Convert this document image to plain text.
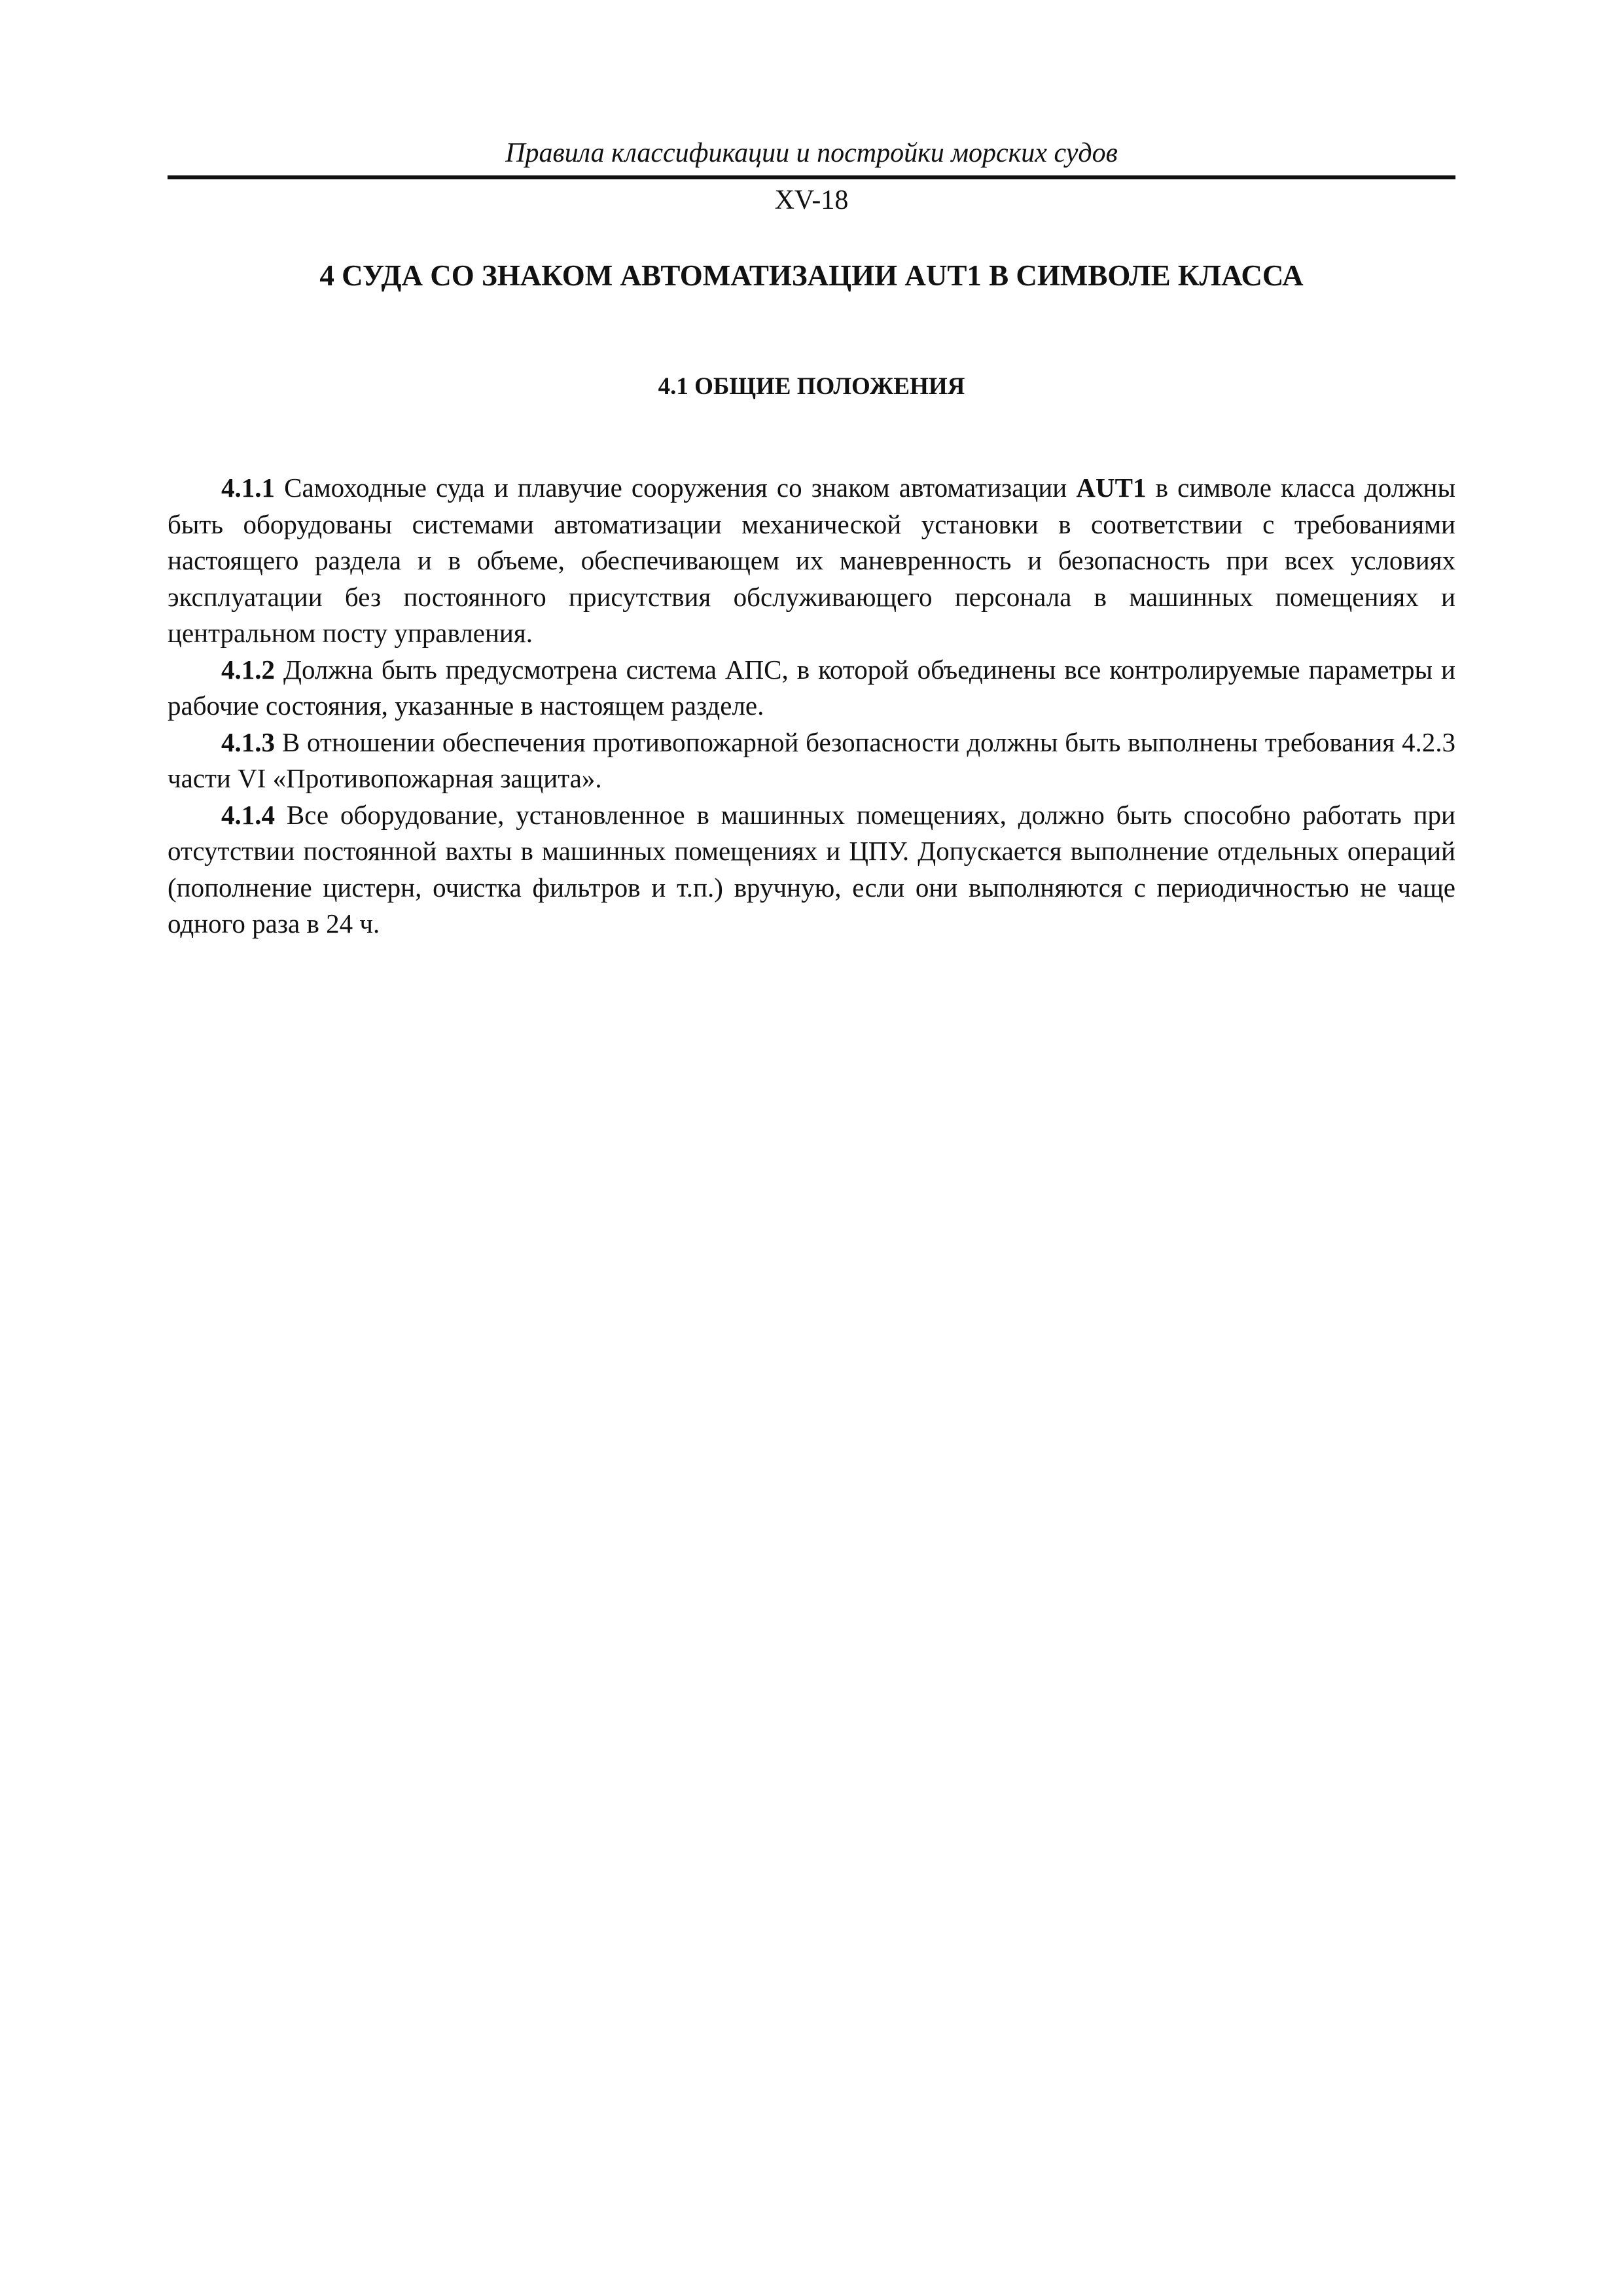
Правила классификации и постройки морских судов
XV-18
4 СУДА СО ЗНАКОМ АВТОМАТИЗАЦИИ AUT1 В СИМВОЛЕ КЛАССА
4.1 ОБЩИЕ ПОЛОЖЕНИЯ

4.1.1 Самоходные суда и плавучие сооружения со знаком автоматизации AUT1 в символе класса должны быть оборудованы системами автоматизации механической установки в соответствии с требованиями настоящего раздела и в объеме, обеспечивающем их маневренность и безопасность при всех условиях эксплуатации без постоянного присутствия обслуживающего персонала в машинных помещениях и центральном посту управления.

4.1.2 Должна быть предусмотрена система АПС, в которой объединены все контролируемые параметры и рабочие состояния, указанные в настоящем разделе.

4.1.3 В отношении обеспечения противопожарной безопасности должны быть выполнены требования 4.2.3 части VI «Противопожарная защита».

4.1.4 Все оборудование, установленное в машинных помещениях, должно быть способно работать при отсутствии постоянной вахты в машинных помещениях и ЦПУ. Допускается выполнение отдельных операций (пополнение цистерн, очистка фильтров и т.п.) вручную, если они выполняются с периодичностью не чаще одного раза в 24 ч.
